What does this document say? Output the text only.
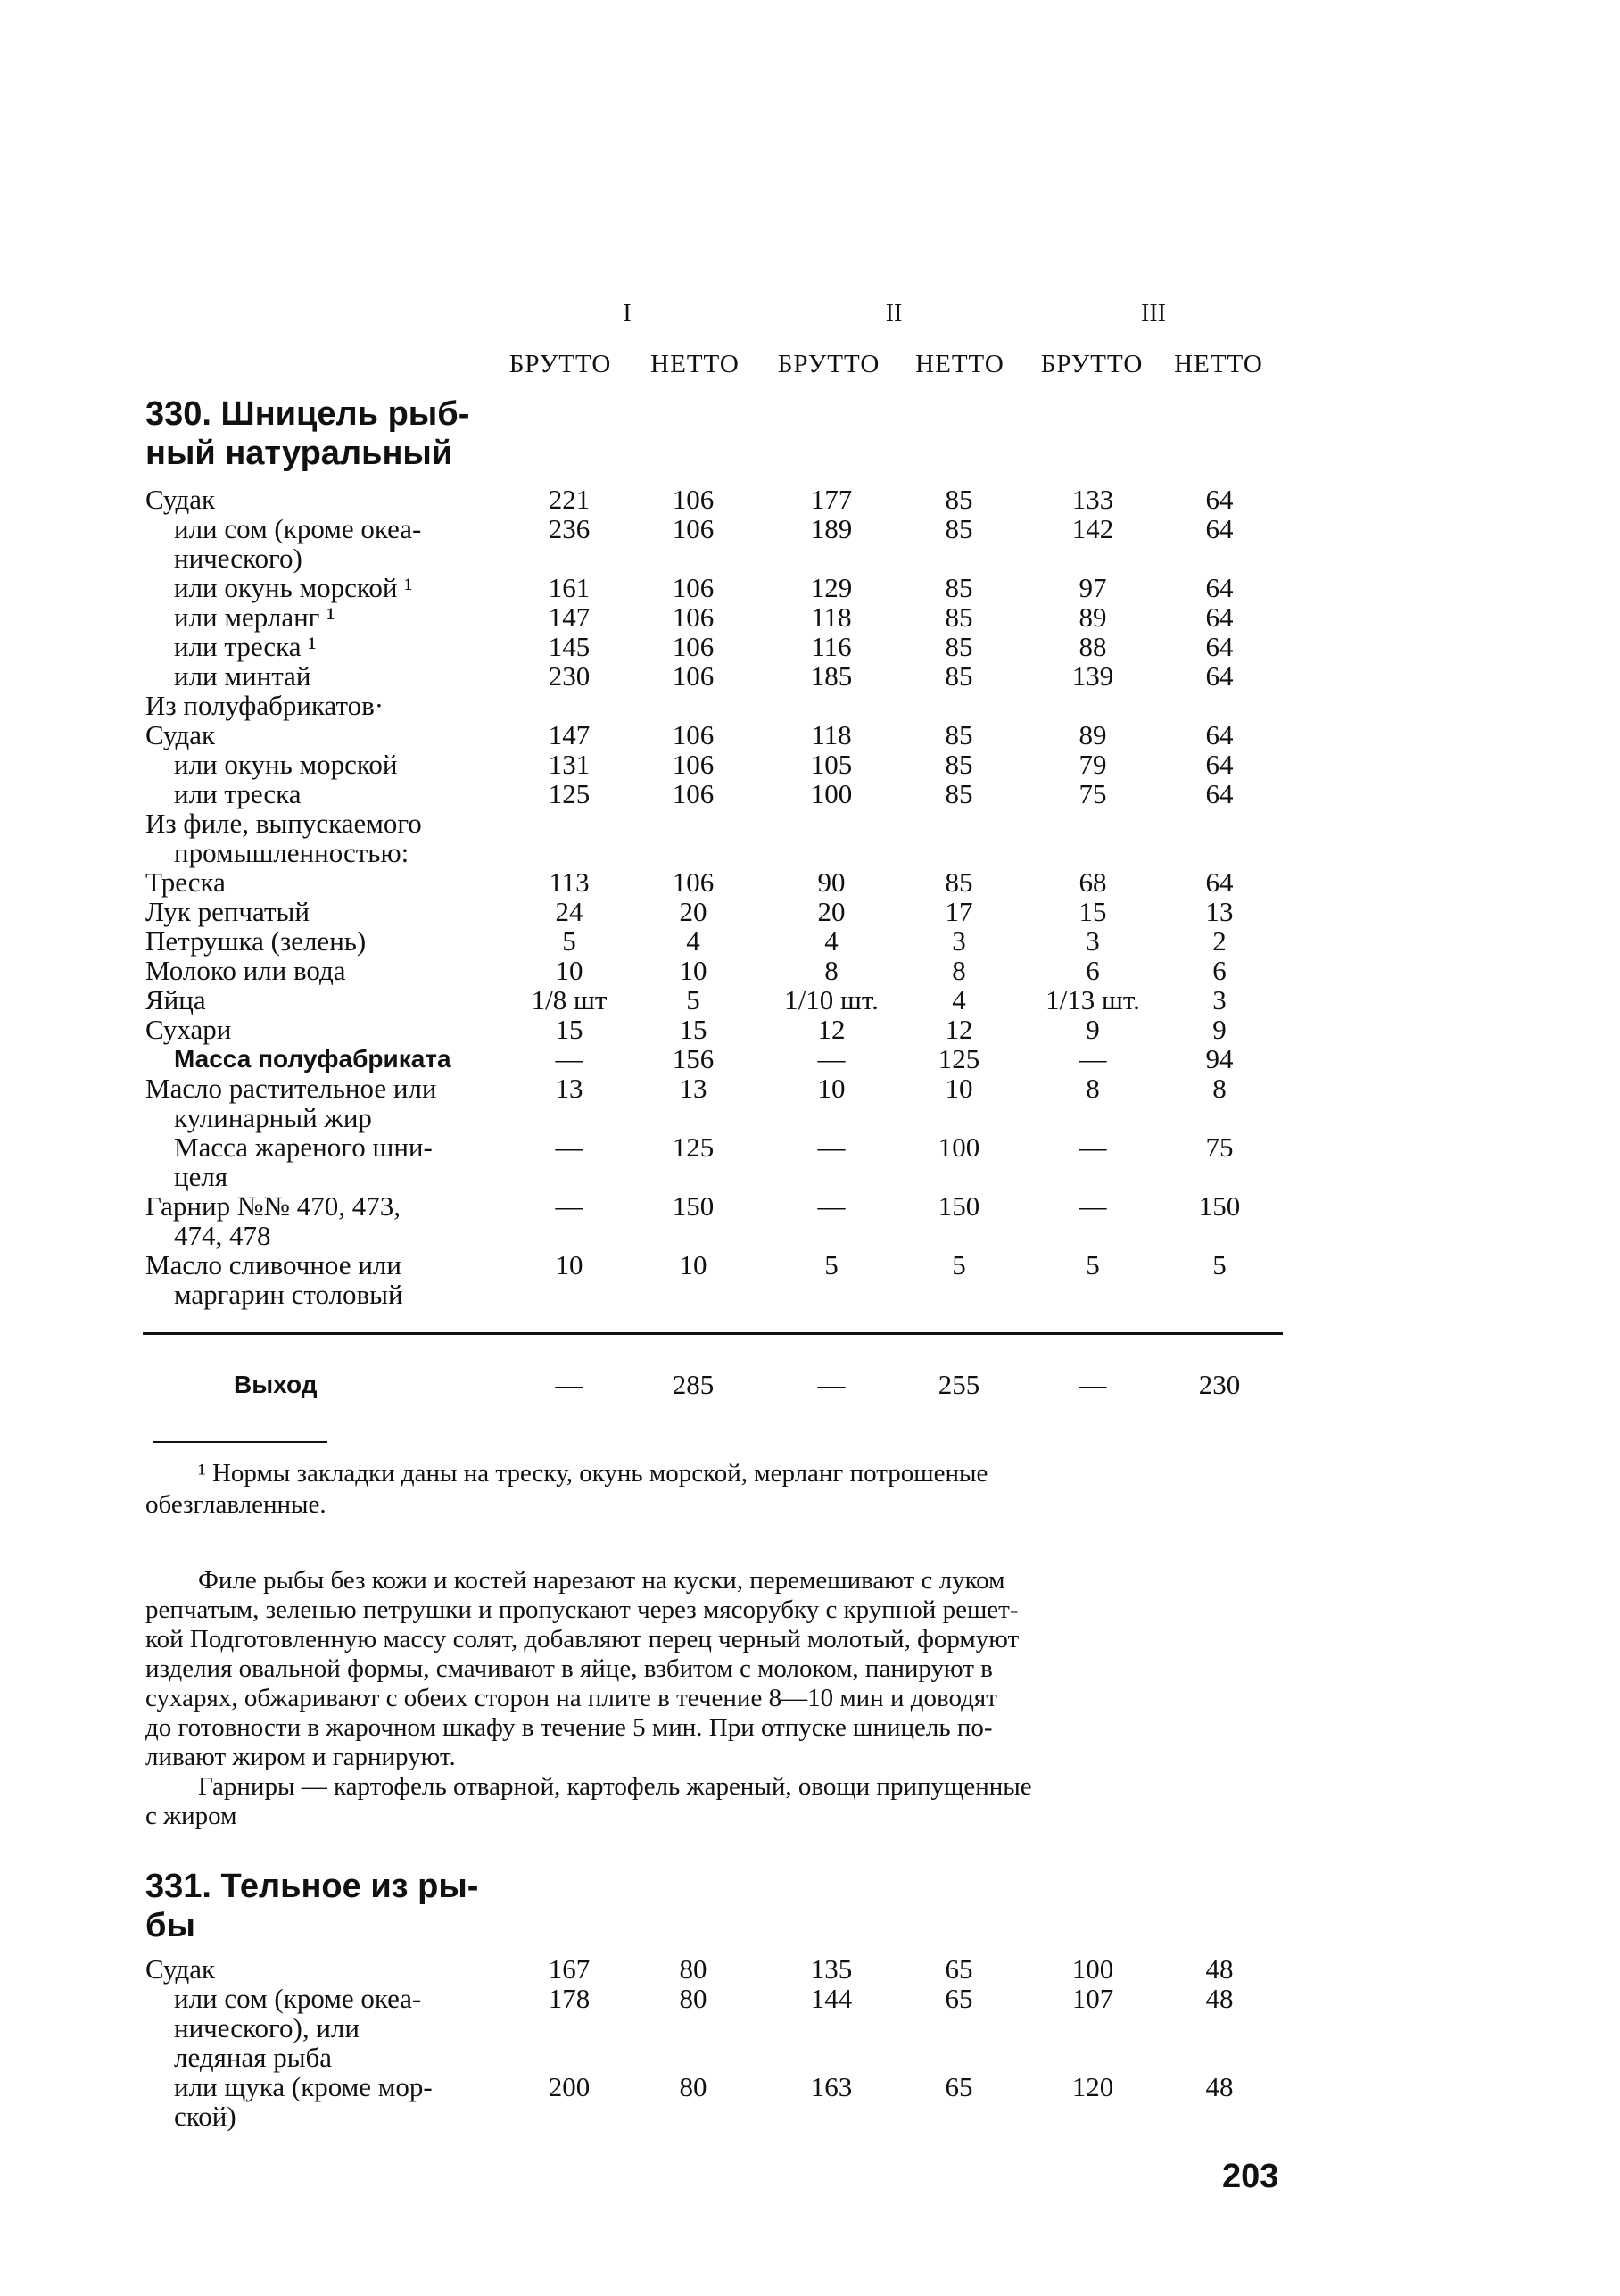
I	II	III
БРУТТО	НЕТТО	БРУТТО	НЕТТО	БРУТТО	НЕТТО
330. Шницель рыб-
ный натуральный
Судак	221	106	177	85	133	64
или сом (кроме океа-
нического)
236	106	189	85	142	64
или окунь морской ¹	161	106	129	85	97	64
или мерланг ¹	147	106	118	85	89	64
или треска ¹	145	106	116	85	88	64
или минтай	230	106	185	85	139	64
Из полуфабрикатов·
Судак	147	106	118	85	89	64
или окунь морской	131	106	105	85	79	64
или треска	125	106	100	85	75	64
Из филе, выпускаемого
промышленностью:
Треска	113	106	90	85	68	64
Лук репчатый	24	20	20	17	15	13
Петрушка (зелень)	5	4	4	3	3	2
Молоко или вода	10	10	8	8	6	6
Яйца	1/8 шт	5	1/10 шт.	4	1/13 шт.	3
Сухари	15	15	12	12	9	9
Масса полуфабриката	—	156	—	125	—	94
Масло растительное или
кулинарный жир
13	13	10	10	8	8
Масса жареного шни-
целя
—	125	—	100	—	75
Гарнир №№ 470, 473,
474, 478
—	150	—	150	—	150
Масло сливочное или
маргарин столовый
10	10	5	5	5	5
Выход	—	285	—	255	—	230
¹ Нормы закладки даны на треску, окунь морской, мерланг потрошеные
обезглавленные.
Филе рыбы без кожи и костей нарезают на куски, перемешивают с луком
репчатым, зеленью петрушки и пропускают через мясорубку с крупной решет-
кой Подготовленную массу солят, добавляют перец черный молотый, формуют
изделия овальной формы, смачивают в яйце, взбитом с молоком, панируют в
сухарях, обжаривают с обеих сторон на плите в течение 8—10 мин и доводят
до готовности в жарочном шкафу в течение 5 мин. При отпуске шницель по-
ливают жиром и гарнируют.
Гарниры — картофель отварной, картофель жареный, овощи припущенные
с жиром
331. Тельное из ры-
бы
Судак	167	80	135	65	100	48
или сом (кроме океа-
нического), или
ледяная рыба
178	80	144	65	107	48
или щука (кроме мор-
ской)
200	80	163	65	120	48
203
